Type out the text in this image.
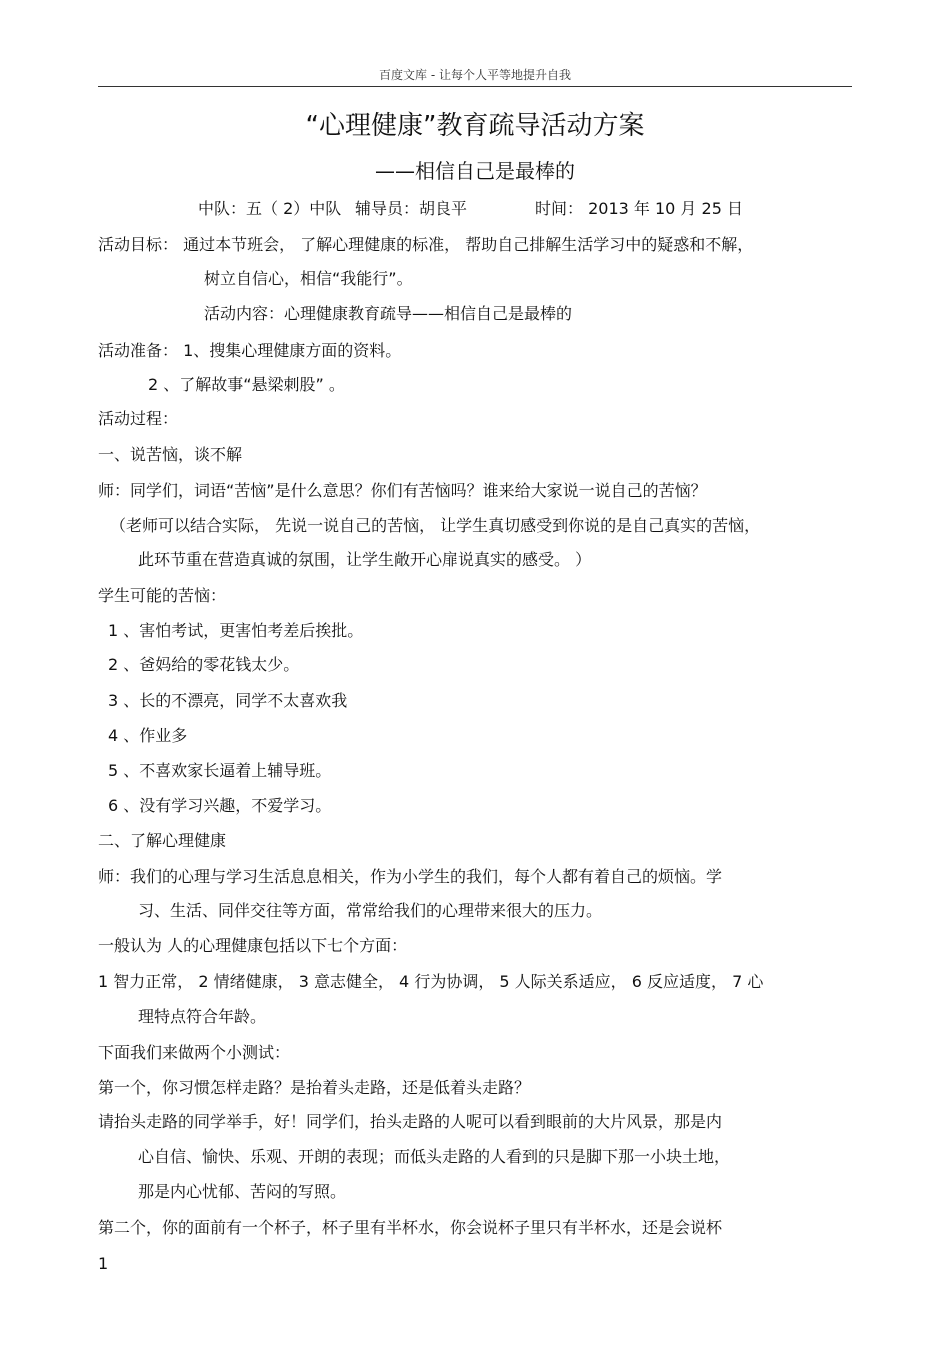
百度文库 - 让每个人平等地提升自我
“心理健康”教育疏导活动方案
——相信自己是最棒的
中队：五（ 2）中队 辅导员：胡良平	时间： 2013 年 10 月 25 日
活动目标： 通过本节班会， 了解心理健康的标准， 帮助自己排解生活学习中的疑惑和不解，
树立自信心，相信“我能行”。
活动内容：心理健康教育疏导——相信自己是最棒的
活动准备： 1、搜集心理健康方面的资料。
2 、了解故事“悬梁刺股” 。
活动过程：
一、说苦恼，谈不解
师：同学们，词语“苦恼”是什么意思？你们有苦恼吗？谁来给大家说一说自己的苦恼？
（老师可以结合实际， 先说一说自己的苦恼， 让学生真切感受到你说的是自己真实的苦恼，
此环节重在营造真诚的氛围，让学生敞开心扉说真实的感受。 ）
学生可能的苦恼：
1 、害怕考试，更害怕考差后挨批。
2 、爸妈给的零花钱太少。
3 、长的不漂亮，同学不太喜欢我
4 、作业多
5 、不喜欢家长逼着上辅导班。
6 、没有学习兴趣，不爱学习。
二、了解心理健康
师：我们的心理与学习生活息息相关，作为小学生的我们，每个人都有着自己的烦恼。学
习、生活、同伴交往等方面，常常给我们的心理带来很大的压力。
一般认为 人的心理健康包括以下七个方面：
1 智力正常， 2 情绪健康， 3 意志健全， 4 行为协调， 5 人际关系适应， 6 反应适度， 7 心
理特点符合年龄。
下面我们来做两个小测试：
第一个，你习惯怎样走路？是抬着头走路，还是低着头走路？
请抬头走路的同学举手，好！同学们，抬头走路的人呢可以看到眼前的大片风景，那是内
心自信、愉快、乐观、开朗的表现；而低头走路的人看到的只是脚下那一小块土地，
那是内心忧郁、苦闷的写照。
第二个，你的面前有一个杯子，杯子里有半杯水，你会说杯子里只有半杯水，还是会说杯
1
